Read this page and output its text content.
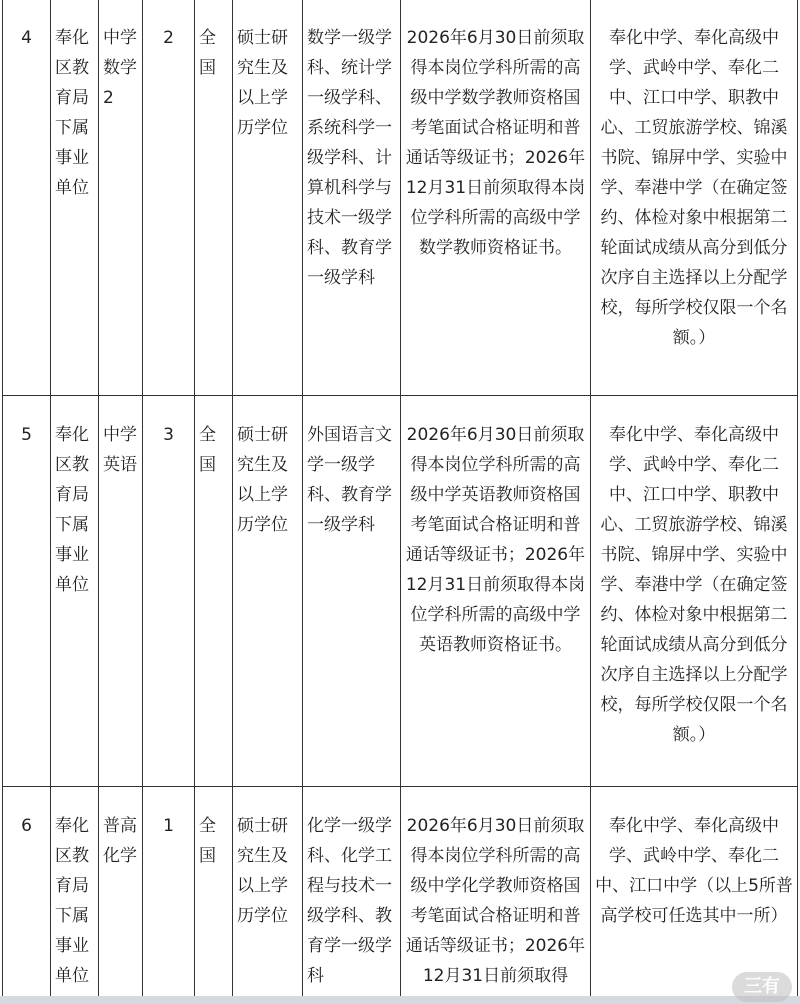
4	奉化区教育局下属事业单位	中学数学2	2	全国	硕士研究生及以上学历学位	数学一级学科、统计学一级学科、系统科学一级学科、计算机科学与技术一级学科、教育学一级学科	2026年6月30日前须取得本岗位学科所需的高级中学数学教师资格国考笔面试合格证明和普通话等级证书；2026年12月31日前须取得本岗位学科所需的高级中学数学教师资格证书。	奉化中学、奉化高级中学、武岭中学、奉化二中、江口中学、职教中心、工贸旅游学校、锦溪书院、锦屏中学、实验中学、奉港中学（在确定签约、体检对象中根据第二轮面试成绩从高分到低分次序自主选择以上分配学校，每所学校仅限一个名额。）
5	奉化区教育局下属事业单位	中学英语	3	全国	硕士研究生及以上学历学位	外国语言文学一级学科、教育学一级学科	2026年6月30日前须取得本岗位学科所需的高级中学英语教师资格国考笔面试合格证明和普通话等级证书；2026年12月31日前须取得本岗位学科所需的高级中学英语教师资格证书。	奉化中学、奉化高级中学、武岭中学、奉化二中、江口中学、职教中心、工贸旅游学校、锦溪书院、锦屏中学、实验中学、奉港中学（在确定签约、体检对象中根据第二轮面试成绩从高分到低分次序自主选择以上分配学校，每所学校仅限一个名额。）
6	奉化区教育局下属事业单位	普高化学	1	全国	硕士研究生及以上学历学位	化学一级学科、化学工程与技术一级学科、教育学一级学科	2026年6月30日前须取得本岗位学科所需的高级中学化学教师资格国考笔面试合格证明和普通话等级证书；2026年12月31日前须取得	奉化中学、奉化高级中学、武岭中学、奉化二中、江口中学（以上5所普高学校可任选其中一所）
三有
